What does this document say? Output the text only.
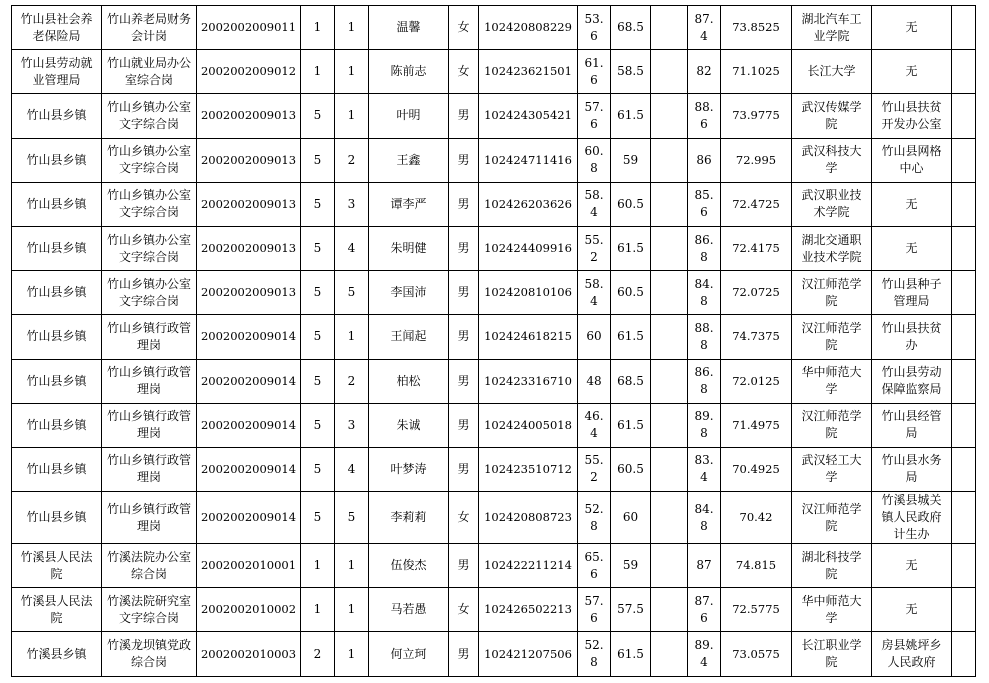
竹山县社会养老保险局	竹山养老局财务会计岗	2002002009011	1	1	温馨	女	102420808229	53.6	68.5		87.4	73.8525	湖北汽车工业学院	无	
竹山县劳动就业管理局	竹山就业局办公室综合岗	2002002009012	1	1	陈前志	女	102423621501	61.6	58.5		82	71.1025	长江大学	无	
竹山县乡镇	竹山乡镇办公室文字综合岗	2002002009013	5	1	叶明	男	102424305421	57.6	61.5		88.6	73.9775	武汉传媒学院	竹山县扶贫开发办公室	
竹山县乡镇	竹山乡镇办公室文字综合岗	2002002009013	5	2	王鑫	男	102424711416	60.8	59		86	72.995	武汉科技大学	竹山县网格中心	
竹山县乡镇	竹山乡镇办公室文字综合岗	2002002009013	5	3	谭李严	男	102426203626	58.4	60.5		85.6	72.4725	武汉职业技术学院	无	
竹山县乡镇	竹山乡镇办公室文字综合岗	2002002009013	5	4	朱明健	男	102424409916	55.2	61.5		86.8	72.4175	湖北交通职业技术学院	无	
竹山县乡镇	竹山乡镇办公室文字综合岗	2002002009013	5	5	李国沛	男	102420810106	58.4	60.5		84.8	72.0725	汉江师范学院	竹山县种子管理局	
竹山县乡镇	竹山乡镇行政管理岗	2002002009014	5	1	王闻起	男	102424618215	60	61.5		88.8	74.7375	汉江师范学院	竹山县扶贫办	
竹山县乡镇	竹山乡镇行政管理岗	2002002009014	5	2	柏松	男	102423316710	48	68.5		86.8	72.0125	华中师范大学	竹山县劳动保障监察局	
竹山县乡镇	竹山乡镇行政管理岗	2002002009014	5	3	朱诚	男	102424005018	46.4	61.5		89.8	71.4975	汉江师范学院	竹山县经管局	
竹山县乡镇	竹山乡镇行政管理岗	2002002009014	5	4	叶梦涛	男	102423510712	55.2	60.5		83.4	70.4925	武汉轻工大学	竹山县水务局	
竹山县乡镇	竹山乡镇行政管理岗	2002002009014	5	5	李莉莉	女	102420808723	52.8	60		84.8	70.42	汉江师范学院	竹溪县城关镇人民政府计生办	
竹溪县人民法院	竹溪法院办公室综合岗	2002002010001	1	1	伍俊杰	男	102422211214	65.6	59		87	74.815	湖北科技学院	无	
竹溪县人民法院	竹溪法院研究室文字综合岗	2002002010002	1	1	马若愚	女	102426502213	57.6	57.5		87.6	72.5775	华中师范大学	无	
竹溪县乡镇	竹溪龙坝镇党政综合岗	2002002010003	2	1	何立珂	男	102421207506	52.8	61.5		89.4	73.0575	长江职业学院	房县姚坪乡人民政府	
